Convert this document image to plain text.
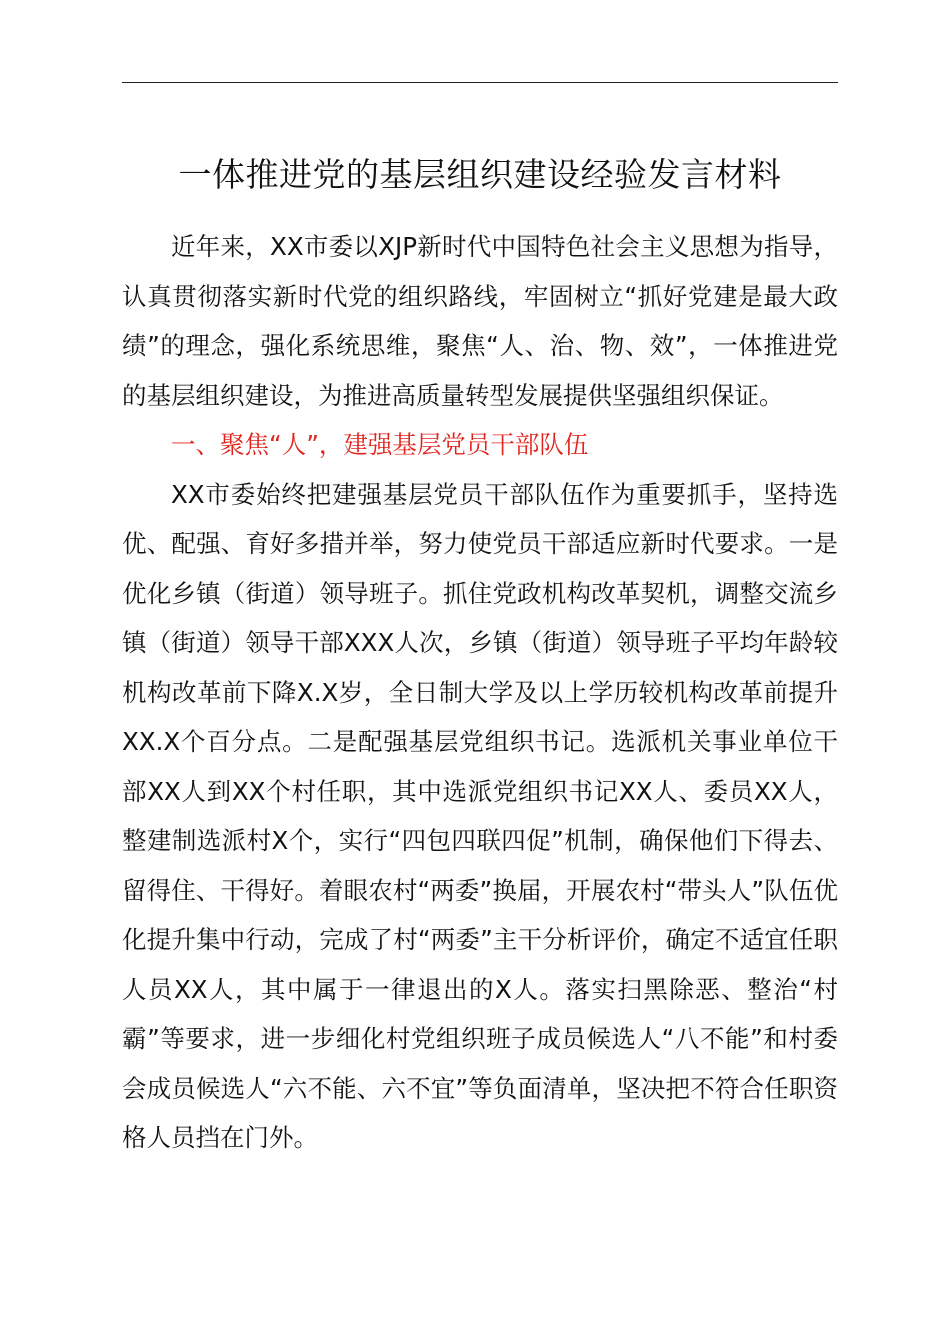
一体推进党的基层组织建设经验发言材料

近年来，XX市委以XJP新时代中国特色社会主义思想为指导，认真贯彻落实新时代党的组织路线，牢固树立“抓好党建是最大政绩”的理念，强化系统思维，聚焦“人、治、物、效”，一体推进党的基层组织建设，为推进高质量转型发展提供坚强组织保证。

一、聚焦“人”，建强基层党员干部队伍

XX市委始终把建强基层党员干部队伍作为重要抓手，坚持选优、配强、育好多措并举，努力使党员干部适应新时代要求。一是优化乡镇（街道）领导班子。抓住党政机构改革契机，调整交流乡镇（街道）领导干部XXX人次，乡镇（街道）领导班子平均年龄较机构改革前下降X.X岁，全日制大学及以上学历较机构改革前提升XX.X个百分点。二是配强基层党组织书记。选派机关事业单位干部XX人到XX个村任职，其中选派党组织书记XX人、委员XX人，整建制选派村X个，实行“四包四联四促”机制，确保他们下得去、留得住、干得好。着眼农村“两委”换届，开展农村“带头人”队伍优化提升集中行动，完成了村“两委”主干分析评价，确定不适宜任职人员XX人，其中属于一律退出的X人。落实扫黑除恶、整治“村霸”等要求，进一步细化村党组织班子成员候选人“八不能”和村委会成员候选人“六不能、六不宜”等负面清单，坚决把不符合任职资格人员挡在门外。
